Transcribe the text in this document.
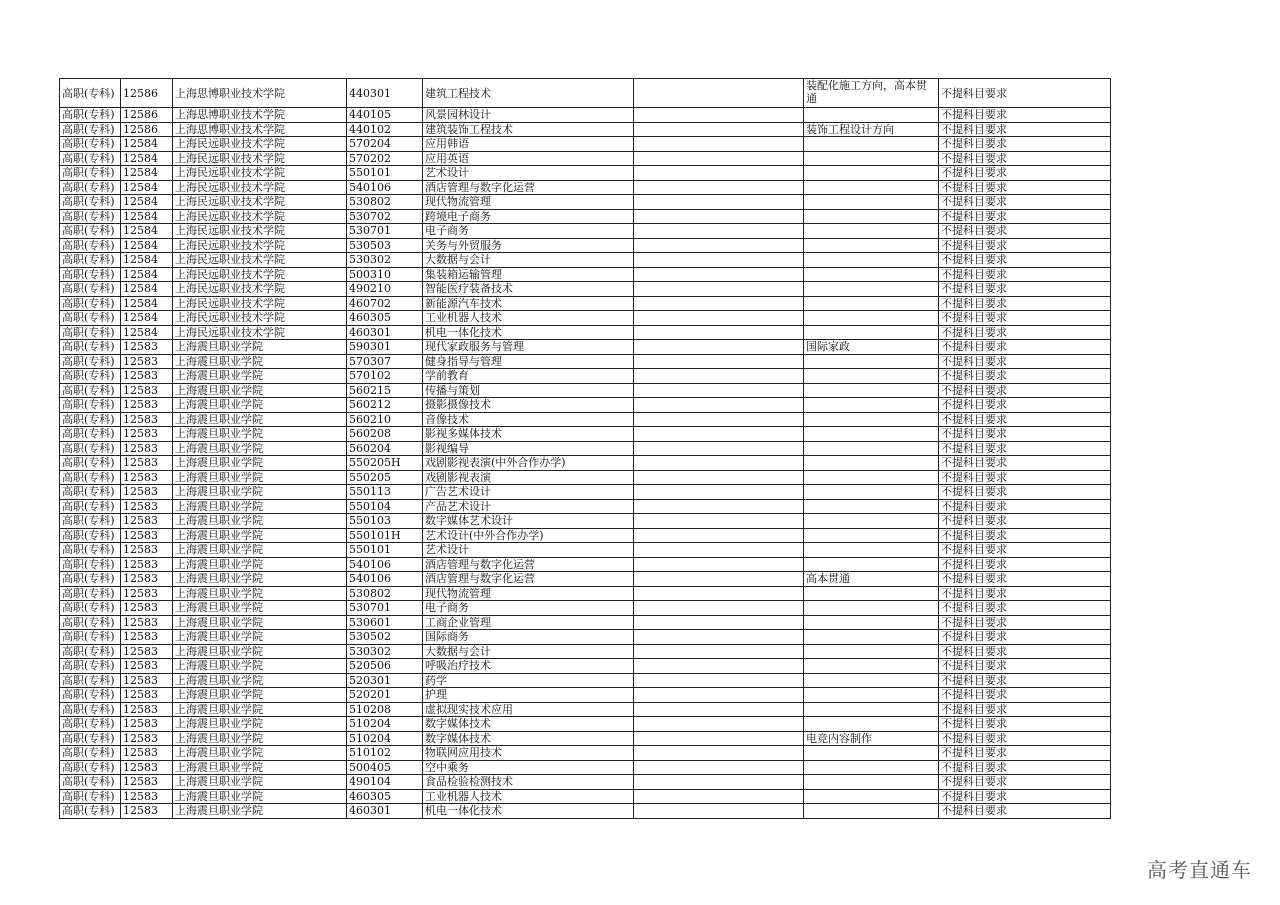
高职(专科)	12586	上海思博职业技术学院	440301	建筑工程技术		装配化施工方向，高本贯通	不提科目要求
高职(专科)	12586	上海思博职业技术学院	440105	风景园林设计			不提科目要求
高职(专科)	12586	上海思博职业技术学院	440102	建筑装饰工程技术		装饰工程设计方向	不提科目要求
高职(专科)	12584	上海民远职业技术学院	570204	应用韩语			不提科目要求
高职(专科)	12584	上海民远职业技术学院	570202	应用英语			不提科目要求
高职(专科)	12584	上海民远职业技术学院	550101	艺术设计			不提科目要求
高职(专科)	12584	上海民远职业技术学院	540106	酒店管理与数字化运营			不提科目要求
高职(专科)	12584	上海民远职业技术学院	530802	现代物流管理			不提科目要求
高职(专科)	12584	上海民远职业技术学院	530702	跨境电子商务			不提科目要求
高职(专科)	12584	上海民远职业技术学院	530701	电子商务			不提科目要求
高职(专科)	12584	上海民远职业技术学院	530503	关务与外贸服务			不提科目要求
高职(专科)	12584	上海民远职业技术学院	530302	大数据与会计			不提科目要求
高职(专科)	12584	上海民远职业技术学院	500310	集装箱运输管理			不提科目要求
高职(专科)	12584	上海民远职业技术学院	490210	智能医疗装备技术			不提科目要求
高职(专科)	12584	上海民远职业技术学院	460702	新能源汽车技术			不提科目要求
高职(专科)	12584	上海民远职业技术学院	460305	工业机器人技术			不提科目要求
高职(专科)	12584	上海民远职业技术学院	460301	机电一体化技术			不提科目要求
高职(专科)	12583	上海震旦职业学院	590301	现代家政服务与管理		国际家政	不提科目要求
高职(专科)	12583	上海震旦职业学院	570307	健身指导与管理			不提科目要求
高职(专科)	12583	上海震旦职业学院	570102	学前教育			不提科目要求
高职(专科)	12583	上海震旦职业学院	560215	传播与策划			不提科目要求
高职(专科)	12583	上海震旦职业学院	560212	摄影摄像技术			不提科目要求
高职(专科)	12583	上海震旦职业学院	560210	音像技术			不提科目要求
高职(专科)	12583	上海震旦职业学院	560208	影视多媒体技术			不提科目要求
高职(专科)	12583	上海震旦职业学院	560204	影视编导			不提科目要求
高职(专科)	12583	上海震旦职业学院	550205H	戏剧影视表演(中外合作办学)			不提科目要求
高职(专科)	12583	上海震旦职业学院	550205	戏剧影视表演			不提科目要求
高职(专科)	12583	上海震旦职业学院	550113	广告艺术设计			不提科目要求
高职(专科)	12583	上海震旦职业学院	550104	产品艺术设计			不提科目要求
高职(专科)	12583	上海震旦职业学院	550103	数字媒体艺术设计			不提科目要求
高职(专科)	12583	上海震旦职业学院	550101H	艺术设计(中外合作办学)			不提科目要求
高职(专科)	12583	上海震旦职业学院	550101	艺术设计			不提科目要求
高职(专科)	12583	上海震旦职业学院	540106	酒店管理与数字化运营			不提科目要求
高职(专科)	12583	上海震旦职业学院	540106	酒店管理与数字化运营		高本贯通	不提科目要求
高职(专科)	12583	上海震旦职业学院	530802	现代物流管理			不提科目要求
高职(专科)	12583	上海震旦职业学院	530701	电子商务			不提科目要求
高职(专科)	12583	上海震旦职业学院	530601	工商企业管理			不提科目要求
高职(专科)	12583	上海震旦职业学院	530502	国际商务			不提科目要求
高职(专科)	12583	上海震旦职业学院	530302	大数据与会计			不提科目要求
高职(专科)	12583	上海震旦职业学院	520506	呼吸治疗技术			不提科目要求
高职(专科)	12583	上海震旦职业学院	520301	药学			不提科目要求
高职(专科)	12583	上海震旦职业学院	520201	护理			不提科目要求
高职(专科)	12583	上海震旦职业学院	510208	虚拟现实技术应用			不提科目要求
高职(专科)	12583	上海震旦职业学院	510204	数字媒体技术			不提科目要求
高职(专科)	12583	上海震旦职业学院	510204	数字媒体技术		电竞内容制作	不提科目要求
高职(专科)	12583	上海震旦职业学院	510102	物联网应用技术			不提科目要求
高职(专科)	12583	上海震旦职业学院	500405	空中乘务			不提科目要求
高职(专科)	12583	上海震旦职业学院	490104	食品检验检测技术			不提科目要求
高职(专科)	12583	上海震旦职业学院	460305	工业机器人技术			不提科目要求
高职(专科)	12583	上海震旦职业学院	460301	机电一体化技术			不提科目要求
高考直通车
